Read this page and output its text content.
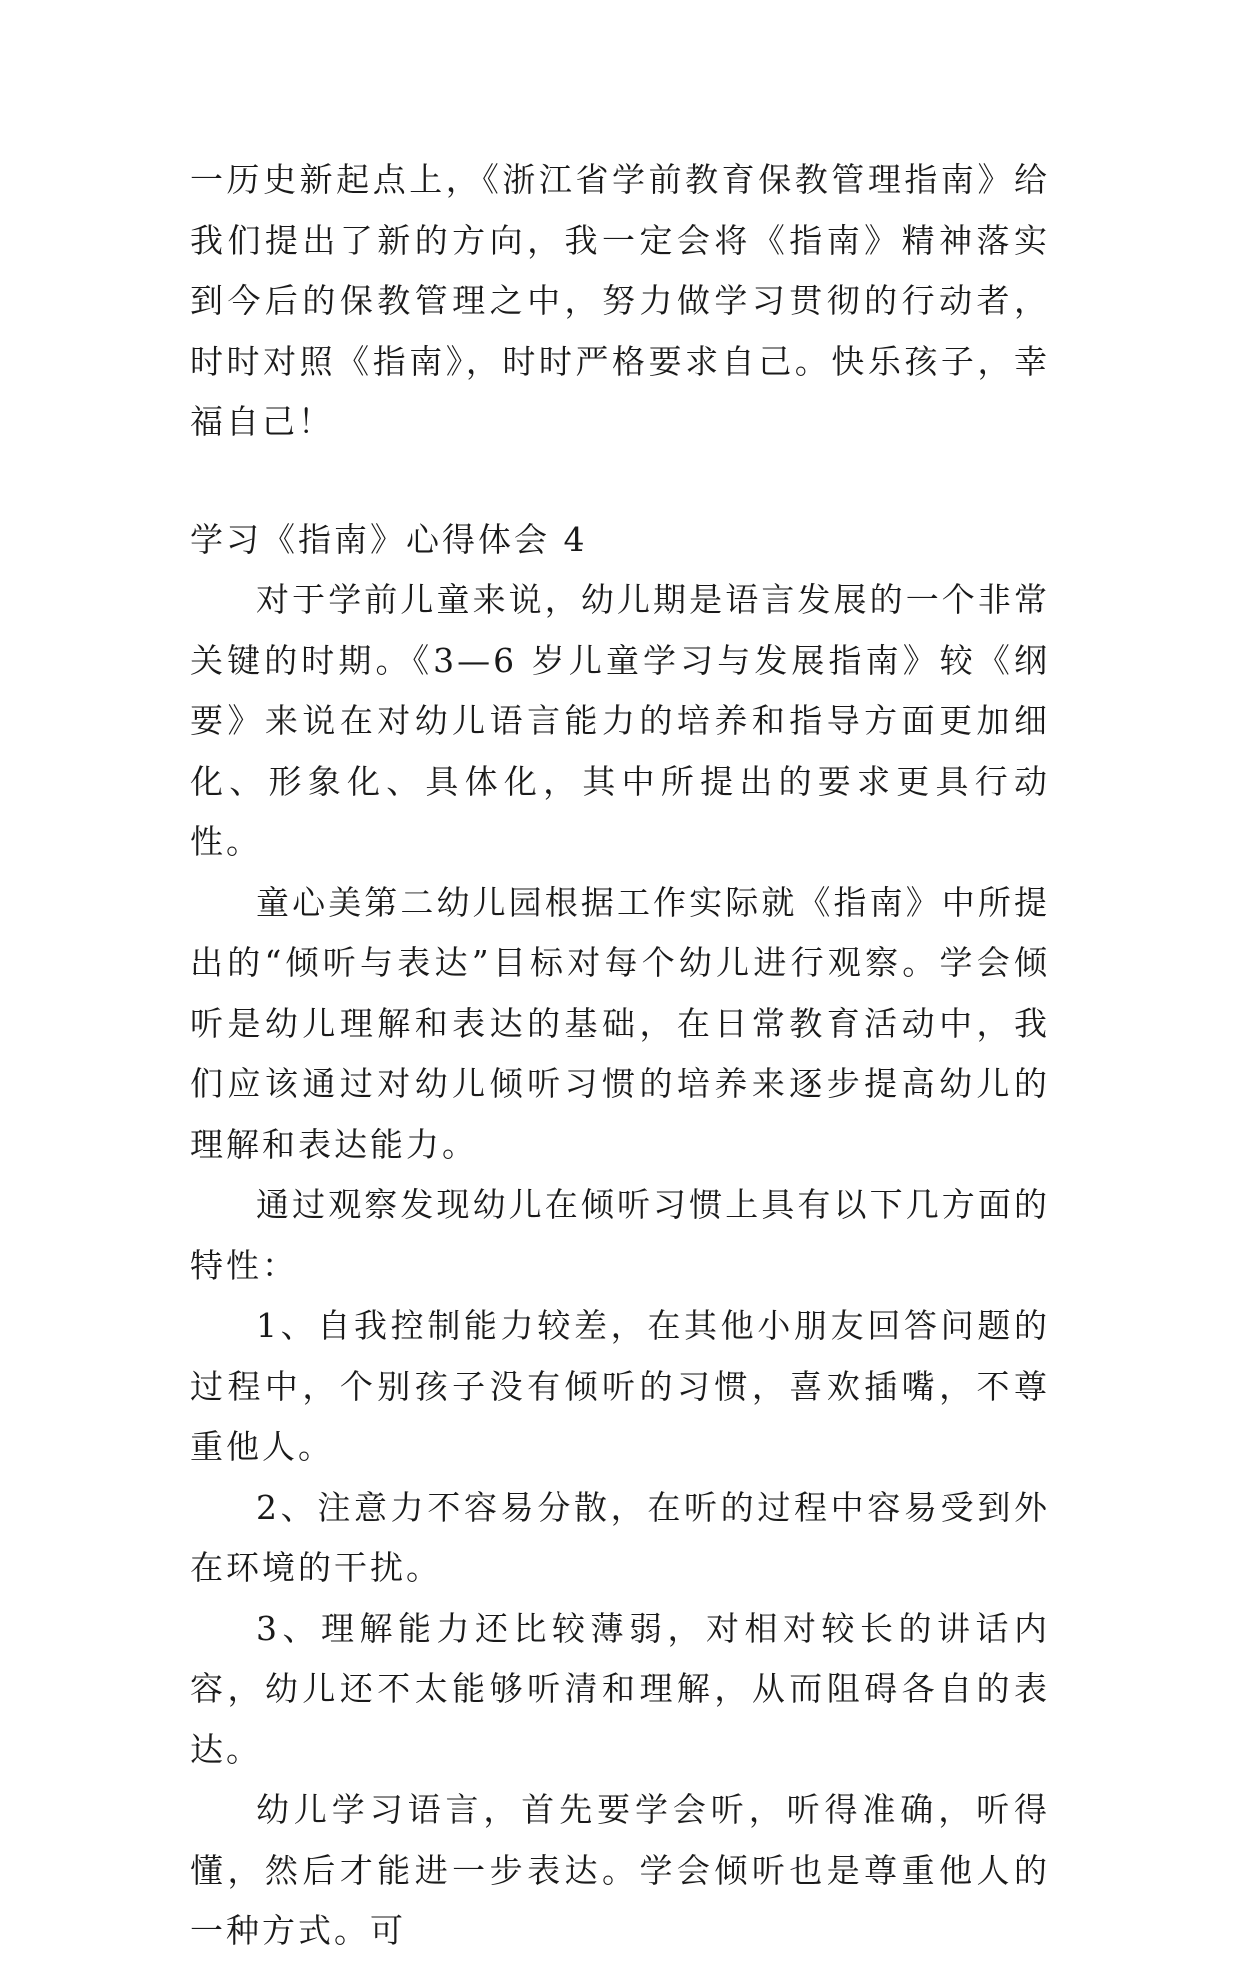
一历史新起点上，《浙江省学前教育保教管理指南》给我们提出了新的方向，我一定会将《指南》精神落实到今后的保教管理之中，努力做学习贯彻的行动者，时时对照《指南》，时时严格要求自己。快乐孩子，幸福自己！

学习《指南》心得体会 4

对于学前儿童来说，幼儿期是语言发展的一个非常关键的时期。《3—6 岁儿童学习与发展指南》较《纲要》来说在对幼儿语言能力的培养和指导方面更加细化、形象化、具体化，其中所提出的要求更具行动性。

童心美第二幼儿园根据工作实际就《指南》中所提出的“倾听与表达”目标对每个幼儿进行观察。学会倾听是幼儿理解和表达的基础，在日常教育活动中，我们应该通过对幼儿倾听习惯的培养来逐步提高幼儿的理解和表达能力。

通过观察发现幼儿在倾听习惯上具有以下几方面的特性：

1、自我控制能力较差，在其他小朋友回答问题的过程中，个别孩子没有倾听的习惯，喜欢插嘴，不尊重他人。

2、注意力不容易分散，在听的过程中容易受到外在环境的干扰。

3、理解能力还比较薄弱，对相对较长的讲话内容，幼儿还不太能够听清和理解，从而阻碍各自的表达。

幼儿学习语言，首先要学会听，听得准确，听得懂，然后才能进一步表达。学会倾听也是尊重他人的一种方式。可
